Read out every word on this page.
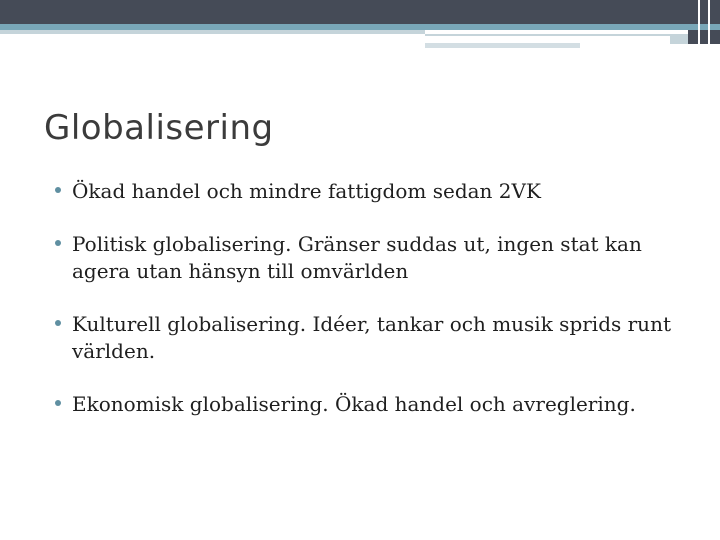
Globalisering
Ökad handel och mindre fattigdom sedan 2VK
Politisk globalisering. Gränser suddas ut, ingen stat kan agera utan hänsyn till omvärlden
Kulturell globalisering. Idéer, tankar och musik sprids runt världen.
Ekonomisk globalisering. Ökad handel och avreglering.
